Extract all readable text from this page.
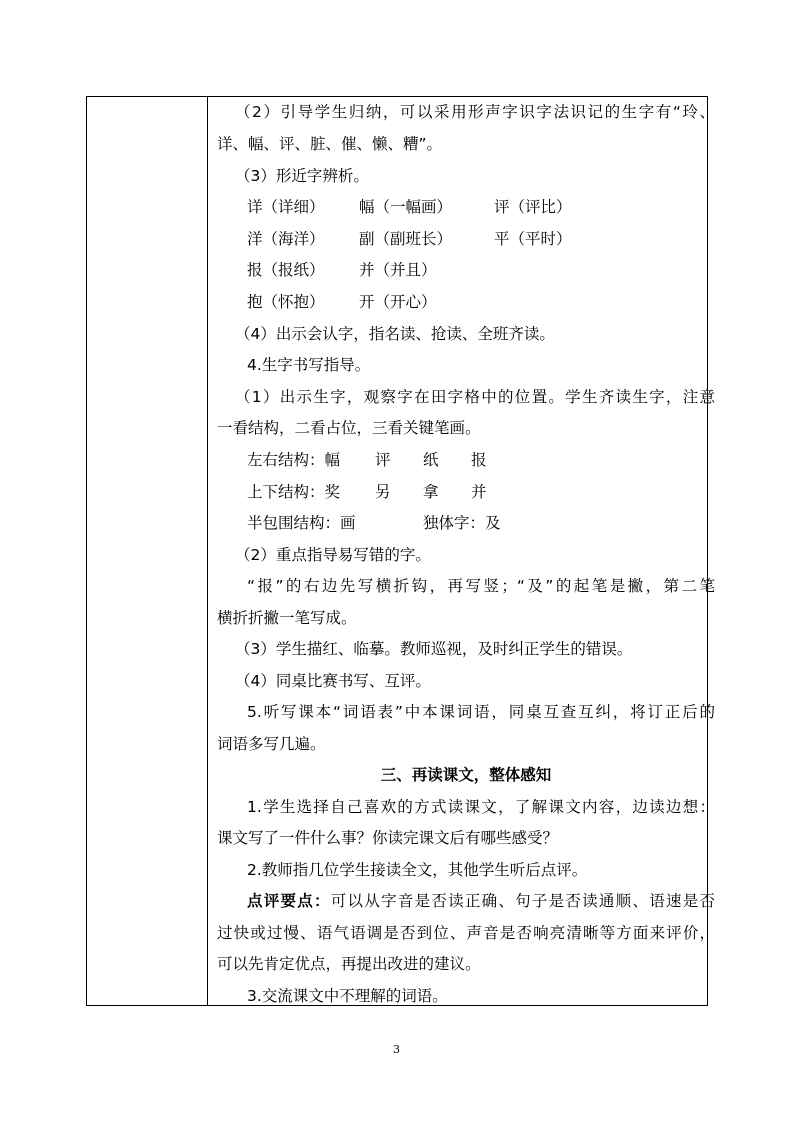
（2）引导学生归纳，可以采用形声字识字法识记的生字有“玲、
详、幅、评、脏、催、懒、糟”。
（3）形近字辨析。
详（详细） 幅（一幅画）	评（评比）
洋（海洋） 副（副班长）	平（平时）
报（报纸） 并（并且）
抱（怀抱） 开（开心）
（4）出示会认字，指名读、抢读、全班齐读。
4.生字书写指导。
（1）出示生字，观察字在田字格中的位置。学生齐读生字，注意
一看结构，二看占位，三看关键笔画。
左右结构：幅 评 纸 报
上下结构：奖 另 拿 并
半包围结构：画	独体字：及
（2）重点指导易写错的字。
“报”的右边先写横折钩，再写竖；“及”的起笔是撇，第二笔
横折折撇一笔写成。
（3）学生描红、临摹。教师巡视，及时纠正学生的错误。
（4）同桌比赛书写、互评。
5.听写课本“词语表”中本课词语，同桌互查互纠，将订正后的
词语多写几遍。
三、再读课文，整体感知
1.学生选择自己喜欢的方式读课文，了解课文内容，边读边想：
课文写了一件什么事？你读完课文后有哪些感受？
2.教师指几位学生接读全文，其他学生听后点评。
点评要点：可以从字音是否读正确、句子是否读通顺、语速是否
过快或过慢、语气语调是否到位、声音是否响亮清晰等方面来评价，
可以先肯定优点，再提出改进的建议。
3.交流课文中不理解的词语。
3
